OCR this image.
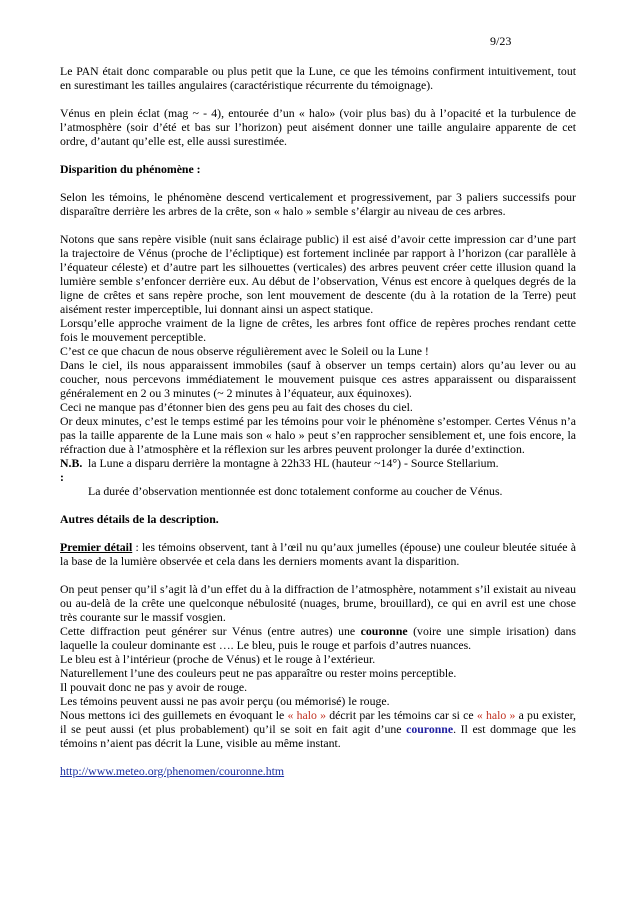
9/23

Le PAN était donc comparable ou plus petit que la Lune, ce que les témoins confirment intuitivement, tout en surestimant les tailles angulaires (caractéristique récurrente du témoignage).

Vénus en plein éclat (mag ~ - 4), entourée d’un « halo» (voir plus bas) du à l’opacité et la turbulence de l’atmosphère (soir d’été et bas sur l’horizon) peut aisément donner une taille angulaire apparente de cet ordre, d’autant qu’elle est, elle aussi surestimée.

Disparition du phénomène :

Selon les témoins, le phénomène descend verticalement et progressivement, par 3 paliers successifs pour disparaître derrière les arbres de la crête, son « halo » semble s’élargir au niveau de ces arbres.

Notons que sans repère visible (nuit sans éclairage public) il est aisé d’avoir cette impression car d’une part la trajectoire de Vénus (proche de l’écliptique) est fortement inclinée par rapport à l’horizon (car parallèle à l’équateur céleste) et d’autre part les silhouettes (verticales) des arbres peuvent créer cette illusion quand la lumière semble s’enfoncer derrière eux. Au début de l’observation, Vénus est encore à quelques degrés de la ligne de crêtes et sans repère proche, son lent mouvement de descente (du à la rotation de la Terre) peut aisément rester imperceptible, lui donnant ainsi un aspect statique.

Lorsqu’elle approche vraiment de la ligne de crêtes, les arbres font office de repères proches rendant cette fois le mouvement perceptible.

C’est ce que chacun de nous observe régulièrement avec le Soleil ou la Lune !

Dans le ciel, ils nous apparaissent immobiles (sauf à observer un temps certain) alors qu’au lever ou au coucher, nous percevons immédiatement le mouvement puisque ces astres apparaissent ou disparaissent généralement en 2 ou 3 minutes (~ 2 minutes à l’équateur, aux équinoxes).

Ceci ne manque pas d’étonner bien des gens peu au fait des choses du ciel.

Or deux minutes, c’est le temps estimé par les témoins pour voir le phénomène s’estomper. Certes Vénus n’a pas la taille apparente de la Lune mais son « halo » peut s’en rapprocher sensiblement et, une fois encore, la réfraction due à l’atmosphère et la réflexion sur les arbres peuvent prolonger la durée d’extinction.

N.B. :
la Lune a disparu derrière la montagne à 22h33 HL (hauteur ~14°) - Source Stellarium.

La durée d’observation mentionnée est donc totalement conforme au coucher de Vénus.

Autres détails de la description.

Premier détail : les témoins observent, tant à l’œil nu qu’aux jumelles (épouse) une couleur bleutée située à la base de la lumière observée et cela dans les derniers moments avant la disparition.

On peut penser qu’il s’agit là d’un effet du à la diffraction de l’atmosphère, notamment s’il existait au niveau ou au-delà de la crête une quelconque nébulosité (nuages, brume, brouillard), ce qui en avril est une chose très courante sur le massif vosgien.

Cette diffraction peut générer sur Vénus (entre autres) une couronne (voire une simple irisation) dans laquelle la couleur dominante est …. Le bleu, puis le rouge et parfois d’autres nuances.

Le bleu est à l’intérieur (proche de Vénus) et le rouge à l’extérieur.

Naturellement l’une des couleurs peut ne pas apparaître ou rester moins perceptible.

Il pouvait donc ne pas y avoir de rouge.

Les témoins peuvent aussi ne pas avoir perçu (ou mémorisé) le rouge.

Nous mettons ici des guillemets en évoquant le « halo » décrit par les témoins car si ce « halo » a pu exister, il se peut aussi (et plus probablement) qu’il se soit en fait agit d’une couronne. Il est dommage que les témoins n’aient pas décrit la Lune, visible au même instant.

http://www.meteo.org/phenomen/couronne.htm
